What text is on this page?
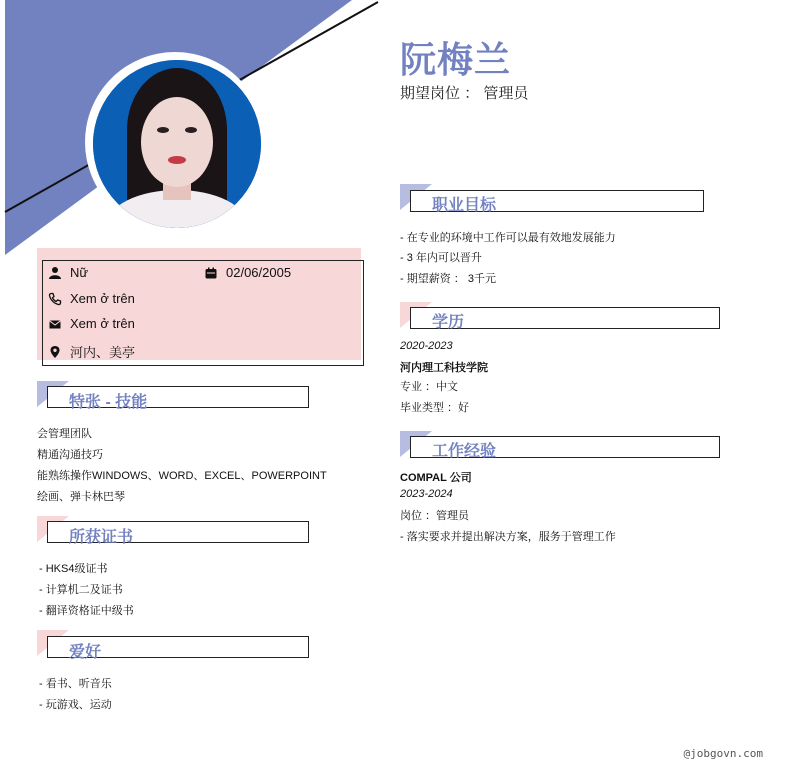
阮梅兰
期望岗位 ： 管理员
Nữ	02/06/2005
Xem ở trên
Xem ở trên
河内、美亭
特张 - 技能
会管理团队
精通沟通技巧
能熟练操作WINDOWS、WORD、EXCEL、POWERPOINT
绘画、弹卡林巴琴
所获证书
- HKS4级证书
- 计算机二及证书
- 翻译资格证中级书
爱好
- 看书、听音乐
- 玩游戏、运动
职业目标
- 在专业的环境中工作可以最有效地发展能力
- 3 年内可以晋升
- 期望薪资 ： 3千元
学历
2020-2023
河内理工科技学院
专业 ：中文
毕业类型 ：好
工作经验
COMPAL 公司
2023-2024
岗位 ：管理员
- 落实要求并提出解决方案，服务于管理工作
@jobgovn.com
